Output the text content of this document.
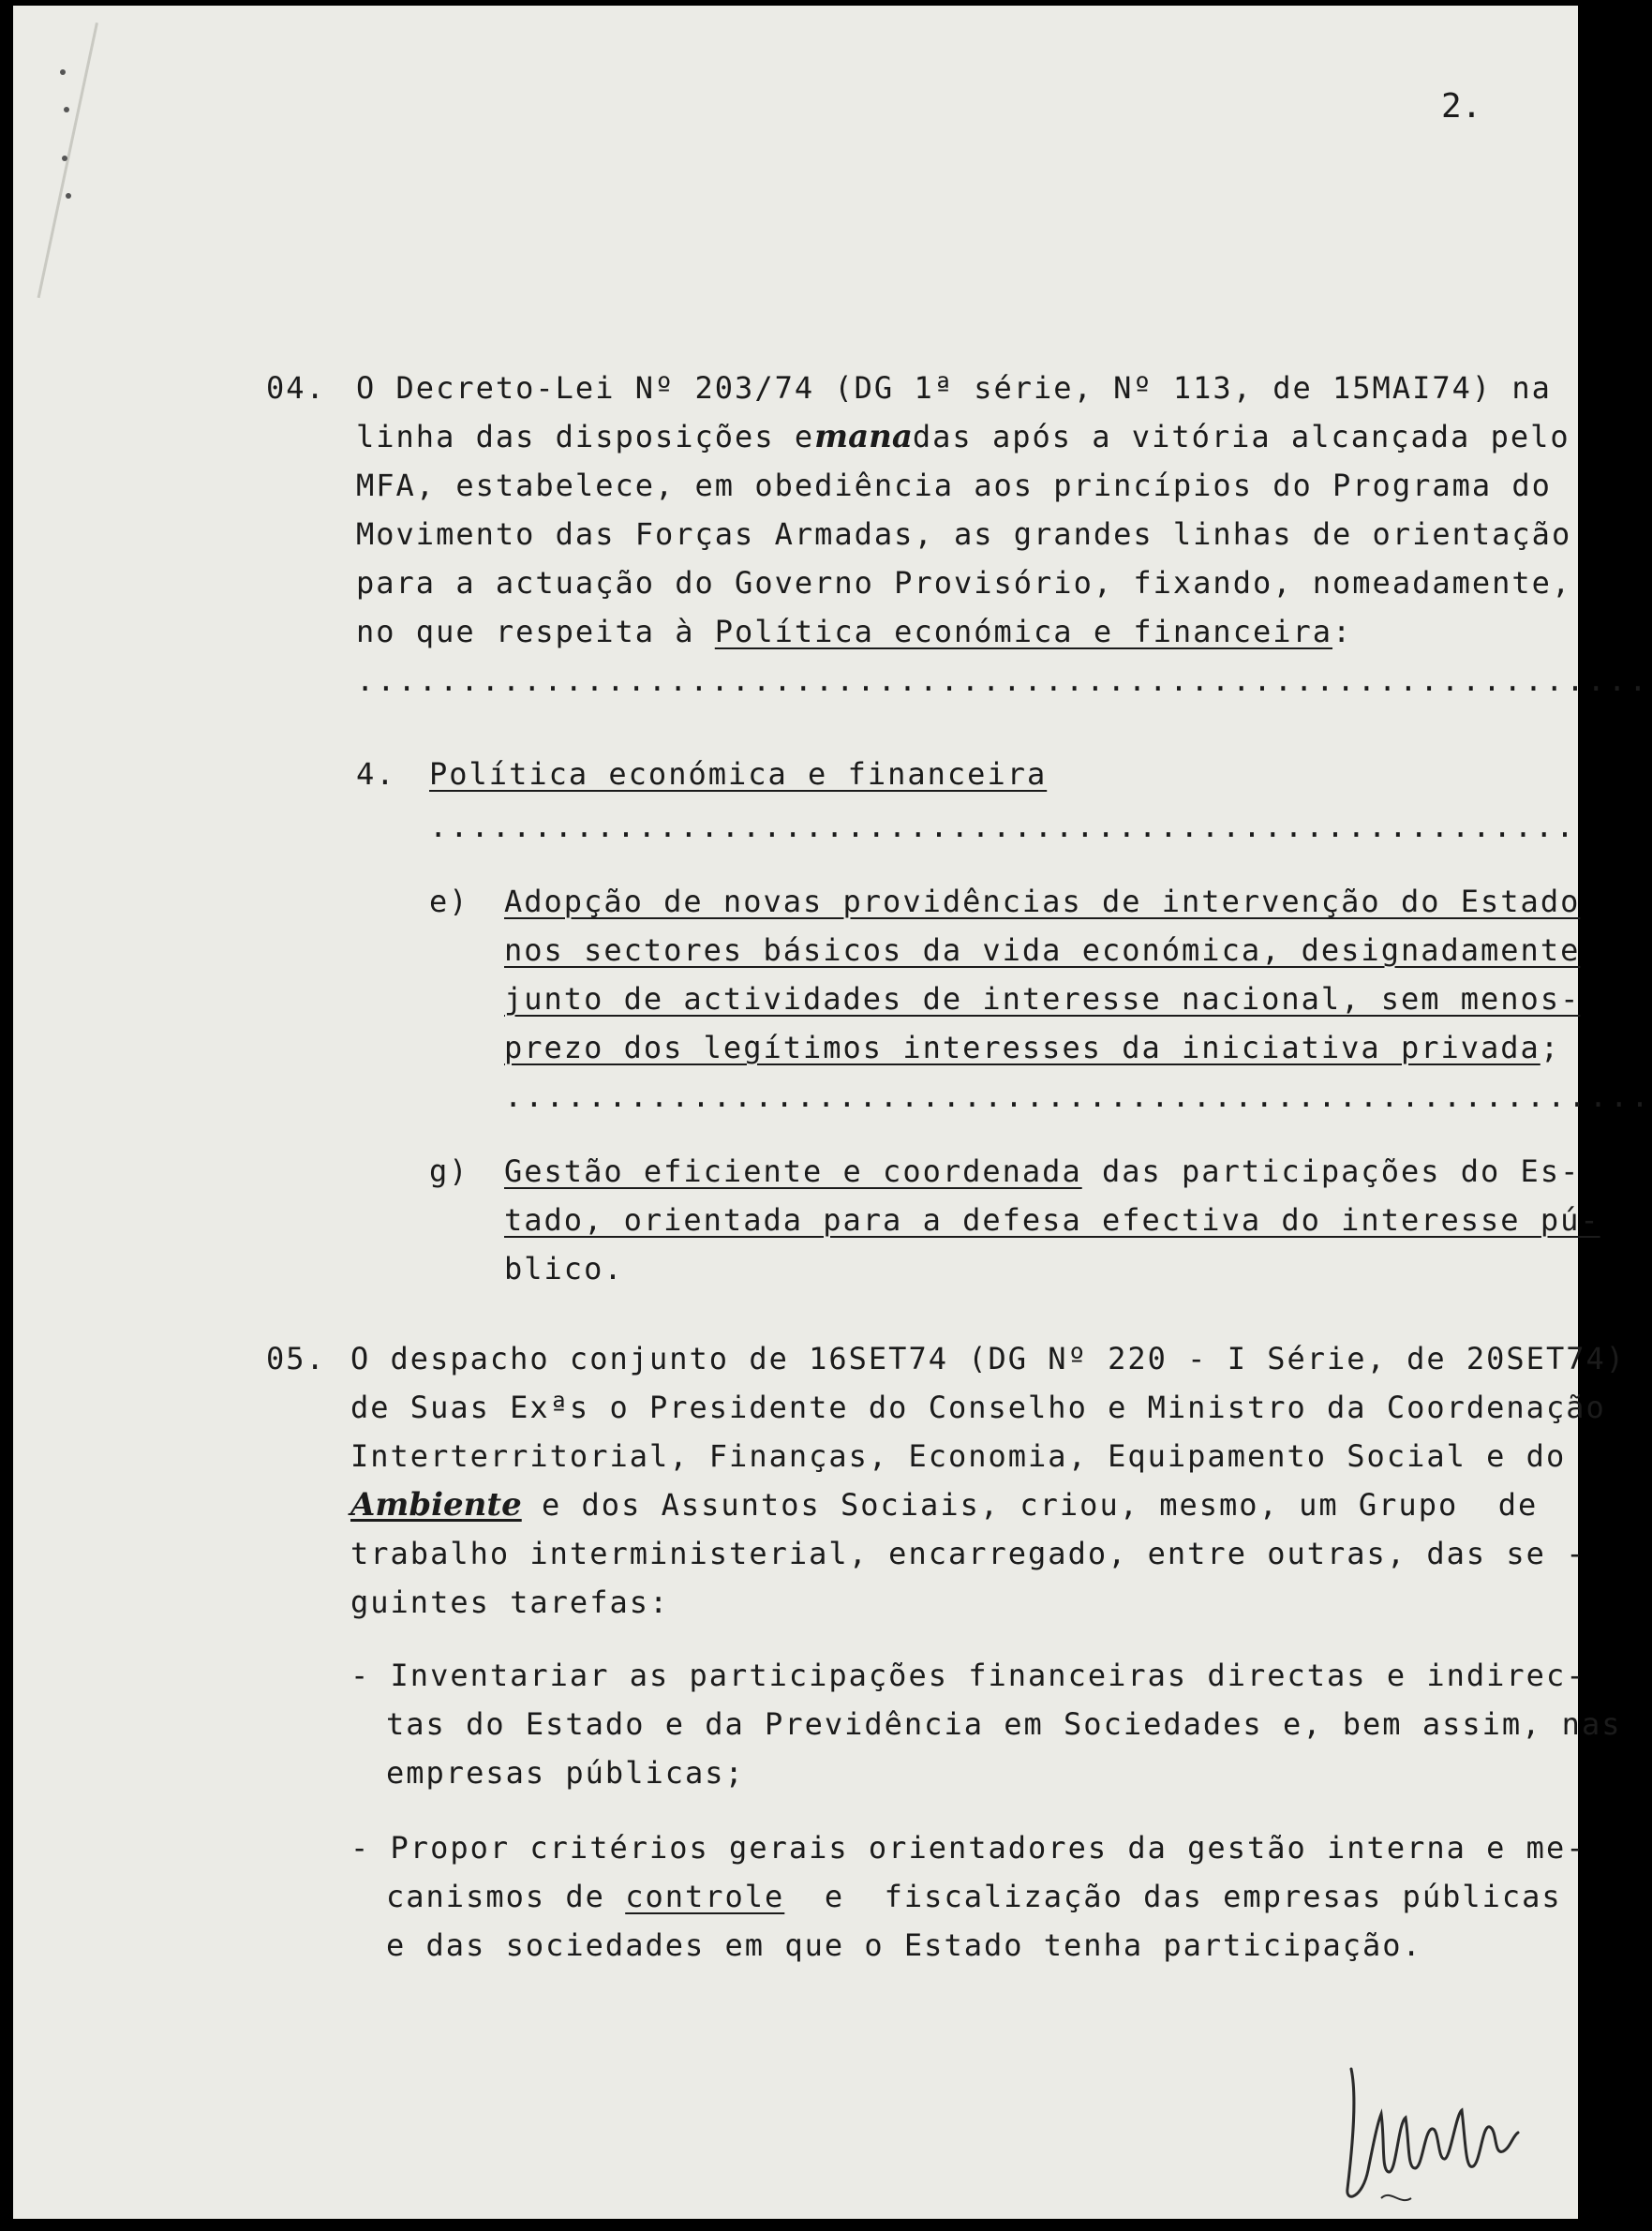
2.
04. O Decreto-Lei Nº 203/74 (DG 1ª série, Nº 113, de 15MAI74) na
linha das disposições emanadas após a vitória alcançada pelo
MFA, estabelece, em obediência aos princípios do Programa do
Movimento das Forças Armadas, as grandes linhas de orientação
para a actuação do Governo Provisório, fixando, nomeadamente,
no que respeita à Política económica e financeira:
..............................................................
4. Política económica e financeira
.......................................................
e) Adopção de novas providências de intervenção do Estado
nos sectores básicos da vida económica, designadamente
junto de actividades de interesse nacional, sem menos-
prezo dos legítimos interesses da iniciativa privada;
.......................................................
g) Gestão eficiente e coordenada das participações do Es-
tado, orientada para a defesa efectiva do interesse pú-
blico.
05. O despacho conjunto de 16SET74 (DG Nº 220 - I Série, de 20SET74)
de Suas Exªs o Presidente do Conselho e Ministro da Coordenação
Interterritorial, Finanças, Economia, Equipamento Social e do
Ambiente e dos Assuntos Sociais, criou, mesmo, um Grupo  de
trabalho interministerial, encarregado, entre outras, das se -
guintes tarefas:
- Inventariar as participações financeiras directas e indirec-
tas do Estado e da Previdência em Sociedades e, bem assim, nas
empresas públicas;
- Propor critérios gerais orientadores da gestão interna e me-
canismos de controle  e  fiscalização das empresas públicas
e das sociedades em que o Estado tenha participação.
